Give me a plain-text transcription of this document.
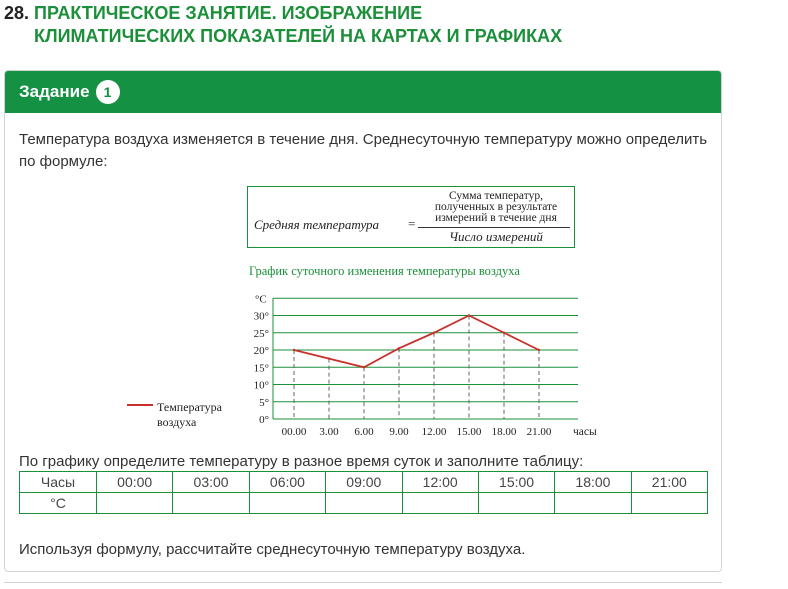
28. ПРАКТИЧЕСКОЕ ЗАНЯТИЕ. ИЗОБРАЖЕНИЕ
КЛИМАТИЧЕСКИХ ПОКАЗАТЕЛЕЙ НА КАРТАХ И ГРАФИКАХ
Задание	1
Температура воздуха изменяется в течение дня. Среднесуточную температуру можно определить по формуле:
Средняя температура =
Сумма температур,
полученных в результате
измерений в течение дня
Число измерений
График суточного изменения температуры воздуха
°С
0°
5°
10°
15°
20°
25°
30°
00.00 3.00 6.00 9.00 12.00 15.00 18.00 21.00 часы
Температура
воздуха
По графику определите температуру в разное время суток и заполните таблицу:
Часы	00:00	03:00	06:00	09:00	12:00	15:00	18:00	21:00
°С								
Используя формулу, рассчитайте среднесуточную температуру воздуха.
